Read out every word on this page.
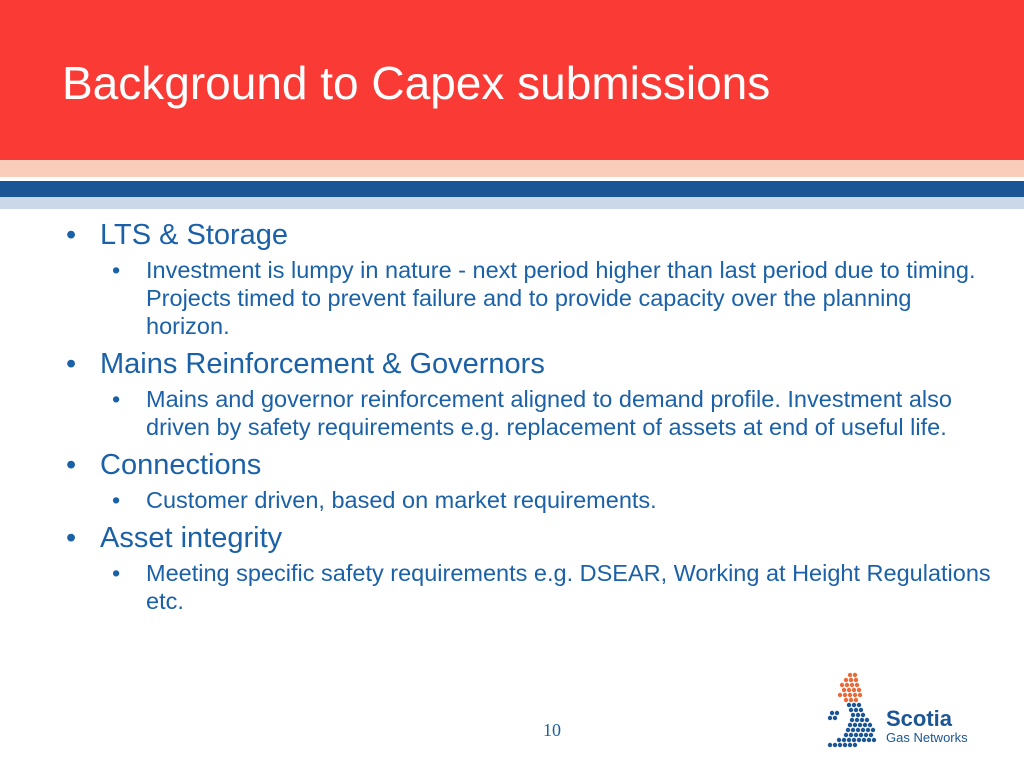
Background to Capex submissions
• LTS & Storage
• Investment is lumpy in nature - next period higher than last period due to timing. Projects timed to prevent failure and to provide capacity over the planning horizon.
• Mains Reinforcement & Governors
• Mains and governor reinforcement aligned to demand profile. Investment also driven by safety requirements e.g. replacement of assets at end of useful life.
• Connections
• Customer driven, based on market requirements.
• Asset integrity
• Meeting specific safety requirements e.g. DSEAR, Working at Height Regulations etc.
10	Scotia
Gas Networks
